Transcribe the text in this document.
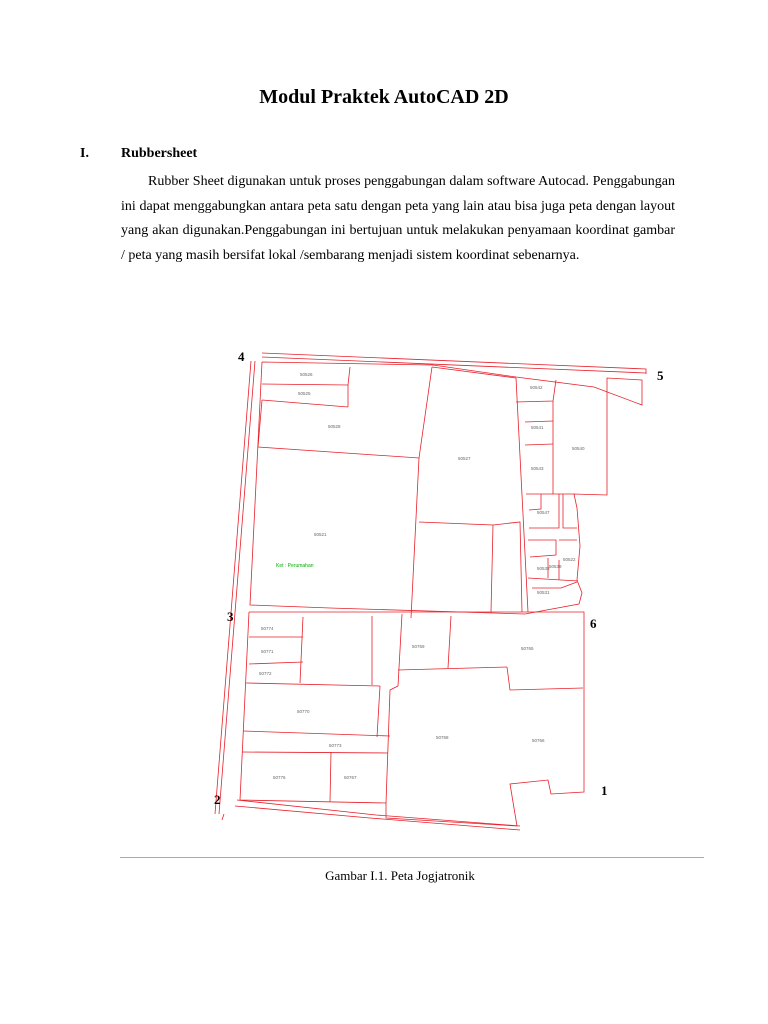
Modul Praktek AutoCAD 2D
I. Rubbersheet

Rubber Sheet digunakan untuk proses penggabungan dalam software Autocad. Penggabungan ini dapat menggabungkan antara peta satu dengan peta yang lain atau bisa juga peta dengan layout yang akan digunakan.Penggabungan ini bertujuan untuk melakukan penyamaan koordinat gambar / peta yang masih bersifat lokal /sembarang menjadi sistem koordinat sebenarnya.

50526
50525
50528
50527
50521
50542
50541
50543
50540
50547
50522
50538 50539
50531
50774
50771
50772
50770
50773
50776	50767
50768
50766
50765
50769
Ket : Perumahan
1
2
3
4
5
6
Gambar I.1. Peta Jogjatronik
